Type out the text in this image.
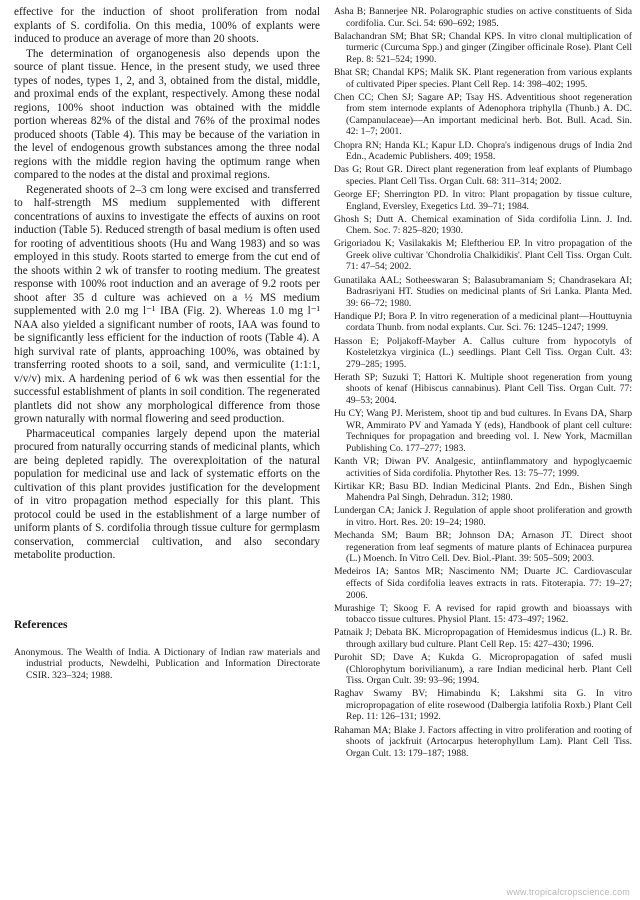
effective for the induction of shoot proliferation from nodal explants of S. cordifolia. On this media, 100% of explants were induced to produce an average of more than 20 shoots.

The determination of organogenesis also depends upon the source of plant tissue. Hence, in the present study, we used three types of nodes, types 1, 2, and 3, obtained from the distal, middle, and proximal ends of the explant, respectively. Among these nodal regions, 100% shoot induction was obtained with the middle portion whereas 82% of the distal and 76% of the proximal nodes produced shoots (Table 4). This may be because of the variation in the level of endogenous growth substances among the three nodal regions with the middle region having the optimum range when compared to the nodes at the distal and proximal regions.

Regenerated shoots of 2–3 cm long were excised and transferred to half-strength MS medium supplemented with different concentrations of auxins to investigate the effects of auxins on root induction (Table 5). Reduced strength of basal medium is often used for rooting of adventitious shoots (Hu and Wang 1983) and so was employed in this study. Roots started to emerge from the cut end of the shoots within 2 wk of transfer to rooting medium. The greatest response with 100% root induction and an average of 9.2 roots per shoot after 35 d culture was achieved on a ½ MS medium supplemented with 2.0 mg l⁻¹ IBA (Fig. 2). Whereas 1.0 mg l⁻¹ NAA also yielded a significant number of roots, IAA was found to be significantly less efficient for the induction of roots (Table 4). A high survival rate of plants, approaching 100%, was obtained by transferring rooted shoots to a soil, sand, and vermiculite (1:1:1, v/v/v) mix. A hardening period of 6 wk was then essential for the successful establishment of plants in soil condition. The regenerated plantlets did not show any morphological difference from those grown naturally with normal flowering and seed production.

Pharmaceutical companies largely depend upon the material procured from naturally occurring stands of medicinal plants, which are being depleted rapidly. The overexploitation of the natural population for medicinal use and lack of systematic efforts on the cultivation of this plant provides justification for the development of in vitro propagation method especially for this plant. This protocol could be used in the establishment of a large number of uniform plants of S. cordifolia through tissue culture for germplasm conservation, commercial cultivation, and also secondary metabolite production.

References

Anonymous. The Wealth of India. A Dictionary of Indian raw materials and industrial products, Newdelhi, Publication and Information Directorate CSIR. 323–324; 1988.

Asha B; Bannerjee NR. Polarographic studies on active constituents of Sida cordifolia. Cur. Sci. 54: 690–692; 1985.

Balachandran SM; Bhat SR; Chandal KPS. In vitro clonal multiplication of turmeric (Curcuma Spp.) and ginger (Zingiber officinale Rose). Plant Cell Rep. 8: 521–524; 1990.

Bhat SR; Chandal KPS; Malik SK. Plant regeneration from various explants of cultivated Piper species. Plant Cell Rep. 14: 398–402; 1995.

Chen CC; Chen SJ; Sagare AP; Tsay HS. Adventitious shoot regeneration from stem internode explants of Adenophora triphylla (Thunb.) A. DC. (Campanulaceae)—An important medicinal herb. Bot. Bull. Acad. Sin. 42: 1–7; 2001.

Chopra RN; Handa KL; Kapur LD. Chopra's indigenous drugs of India 2nd Edn., Academic Publishers. 409; 1958.

Das G; Rout GR. Direct plant regeneration from leaf explants of Plumbago species. Plant Cell Tiss. Organ Cult. 68: 311–314; 2002.

George EF; Sherrington PD. In vitro: Plant propagation by tissue culture, England, Eversley, Exegetics Ltd. 39–71; 1984.

Ghosh S; Dutt A. Chemical examination of Sida cordifolia Linn. J. Ind. Chem. Soc. 7: 825–820; 1930.

Grigoriadou K; Vasilakakis M; Eleftheriou EP. In vitro propagation of the Greek olive cultivar 'Chondrolia Chalkidikis'. Plant Cell Tiss. Organ Cult. 71: 47–54; 2002.

Gunatilaka AAL; Sotheeswaran S; Balasubramaniam S; Chandrasekara AI; Badrasriyani HT. Studies on medicinal plants of Sri Lanka. Planta Med. 39: 66–72; 1980.

Handique PJ; Bora P. In vitro regeneration of a medicinal plant—Houttuynia cordata Thunb. from nodal explants. Cur. Sci. 76: 1245–1247; 1999.

Hasson E; Poljakoff-Mayber A. Callus culture from hypocotyls of Kosteletzkya virginica (L.) seedlings. Plant Cell Tiss. Organ Cult. 43: 279–285; 1995.

Herath SP; Suzuki T; Hattori K. Multiple shoot regeneration from young shoots of kenaf (Hibiscus cannabinus). Plant Cell Tiss. Organ Cult. 77: 49–53; 2004.

Hu CY; Wang PJ. Meristem, shoot tip and bud cultures. In Evans DA, Sharp WR, Ammirato PV and Yamada Y (eds), Handbook of plant cell culture: Techniques for propagation and breeding vol. I. New York, Macmillan Publishing Co. 177–277; 1983.

Kanth VR; Diwan PV. Analgesic, antiinflammatory and hypoglycaemic activities of Sida cordifolia. Phytother Res. 13: 75–77; 1999.

Kirtikar KR; Basu BD. Indian Medicinal Plants. 2nd Edn., Bishen Singh Mahendra Pal Singh, Dehradun. 312; 1980.

Lundergan CA; Janick J. Regulation of apple shoot proliferation and growth in vitro. Hort. Res. 20: 19–24; 1980.

Mechanda SM; Baum BR; Johnson DA; Arnason JT. Direct shoot regeneration from leaf segments of mature plants of Echinacea purpurea (L.) Moench. In Vitro Cell. Dev. Biol.-Plant. 39: 505–509; 2003.

Medeiros IA; Santos MR; Nascimento NM; Duarte JC. Cardiovascular effects of Sida cordifolia leaves extracts in rats. Fitoterapia. 77: 19–27; 2006.

Murashige T; Skoog F. A revised for rapid growth and bioassays with tobacco tissue cultures. Physiol Plant. 15: 473–497; 1962.

Patnaik J; Debata BK. Micropropagation of Hemidesmus indicus (L.) R. Br. through axillary bud culture. Plant Cell Rep. 15: 427–430; 1996.

Purohit SD; Dave A; Kukda G. Micropropagation of safed musli (Chlorophytum borivilianum), a rare Indian medicinal herb. Plant Cell Tiss. Organ Cult. 39: 93–96; 1994.

Raghav Swamy BV; Himabindu K; Lakshmi sita G. In vitro micropropagation of elite rosewood (Dalbergia latifolia Roxb.) Plant Cell Rep. 11: 126–131; 1992.

Rahaman MA; Blake J. Factors affecting in vitro proliferation and rooting of shoots of jackfruit (Artocarpus heterophyllum Lam). Plant Cell Tiss. Organ Cult. 13: 179–187; 1988.

www.tropicalcropscience.com
